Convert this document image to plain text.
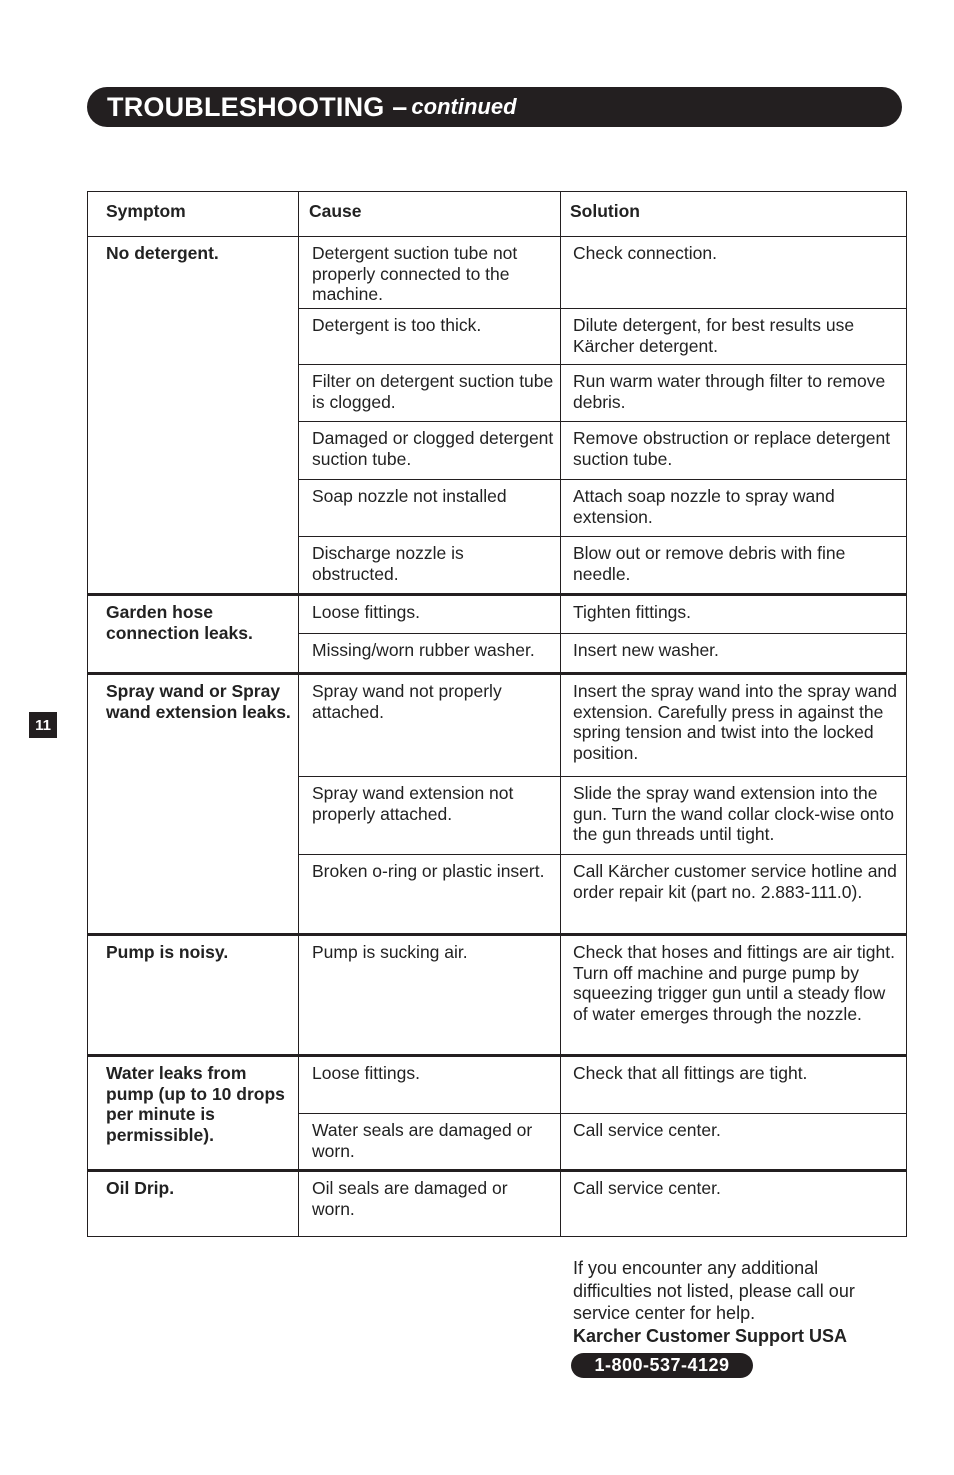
TROUBLESHOOTING – continued
11
Symptom	Cause	Solution
No detergent.	Detergent suction tube not properly connected to the machine.	Check connection.
	Detergent is too thick.	Dilute detergent, for best results use Kärcher detergent.
	Filter on detergent suction tube is clogged.	Run warm water through filter to remove debris.
	Damaged or clogged detergent suction tube.	Remove obstruction or replace detergent suction tube.
	Soap nozzle not installed	Attach soap nozzle to spray wand extension.
	Discharge nozzle is obstructed.	Blow out or remove debris with fine needle.
Garden hose connection leaks.	Loose fittings.	Tighten fittings.
	Missing/worn rubber washer.	Insert new washer.
Spray wand or Spray wand extension leaks.	Spray wand not properly attached.	Insert the spray wand into the spray wand extension. Carefully press in against the spring tension and twist into the locked position.
	Spray wand extension not properly attached.	Slide the spray wand extension into the gun. Turn the wand collar clock-wise onto the gun threads until tight.
	Broken o-ring or plastic insert.	Call Kärcher customer service hotline and order repair kit (part no. 2.883-111.0).
Pump is noisy.	Pump is sucking air.	Check that hoses and fittings are air tight. Turn off machine and purge pump by squeezing trigger gun until a steady flow of water emerges through the nozzle.
Water leaks from pump (up to 10 drops per minute is permissible).	Loose fittings.	Check that all fittings are tight.
	Water seals are damaged or worn.	Call service center.
Oil Drip.	Oil seals are damaged or worn.	Call service center.
If you encounter any additional difficulties not listed, please call our service center for help.
Karcher Customer Support USA
1-800-537-4129
